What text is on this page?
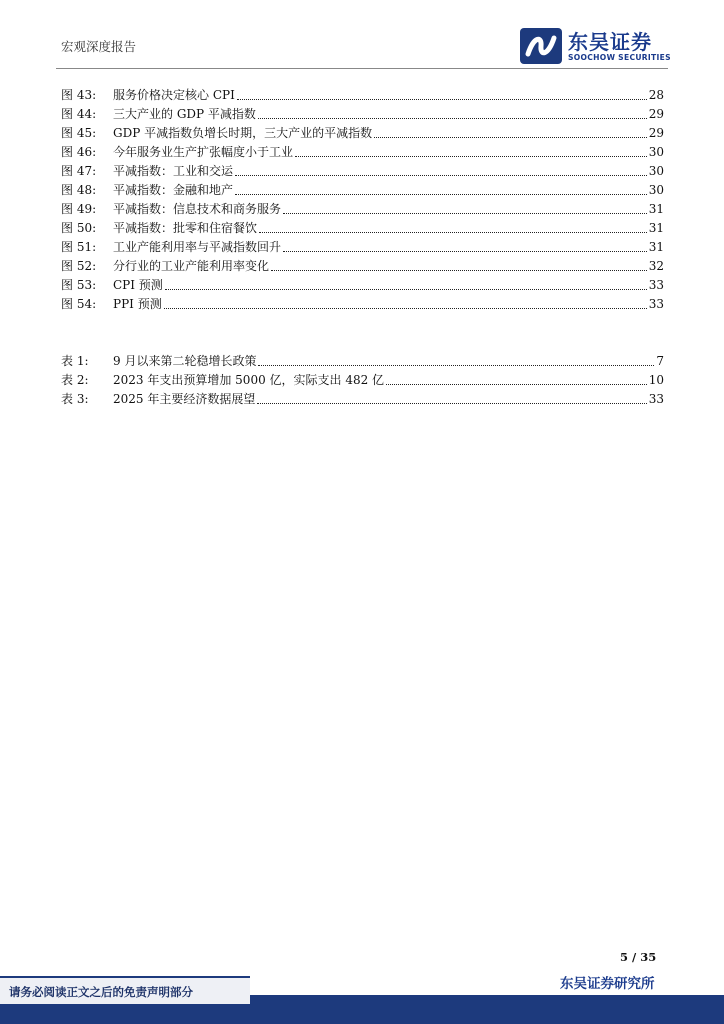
宏观深度报告	东吴证券
SOOCHOW SECURITIES
图 43:	服务价格决定核心 CPI	28
图 44:	三大产业的 GDP 平减指数	29
图 45:	GDP 平减指数负增长时期，三大产业的平减指数	29
图 46:	今年服务业生产扩张幅度小于工业	30
图 47:	平减指数：工业和交运	30
图 48:	平减指数：金融和地产	30
图 49:	平减指数：信息技术和商务服务	31
图 50:	平减指数：批零和住宿餐饮	31
图 51:	工业产能利用率与平减指数回升	31
图 52:	分行业的工业产能利用率变化	32
图 53:	CPI 预测	33
图 54:	PPI 预测	33
表 1:	9 月以来第二轮稳增长政策	7
表 2:	2023 年支出预算增加 5000 亿，实际支出 482 亿	10
表 3:	2025 年主要经济数据展望	33
5 / 35
东吴证券研究所
请务必阅读正文之后的免责声明部分
